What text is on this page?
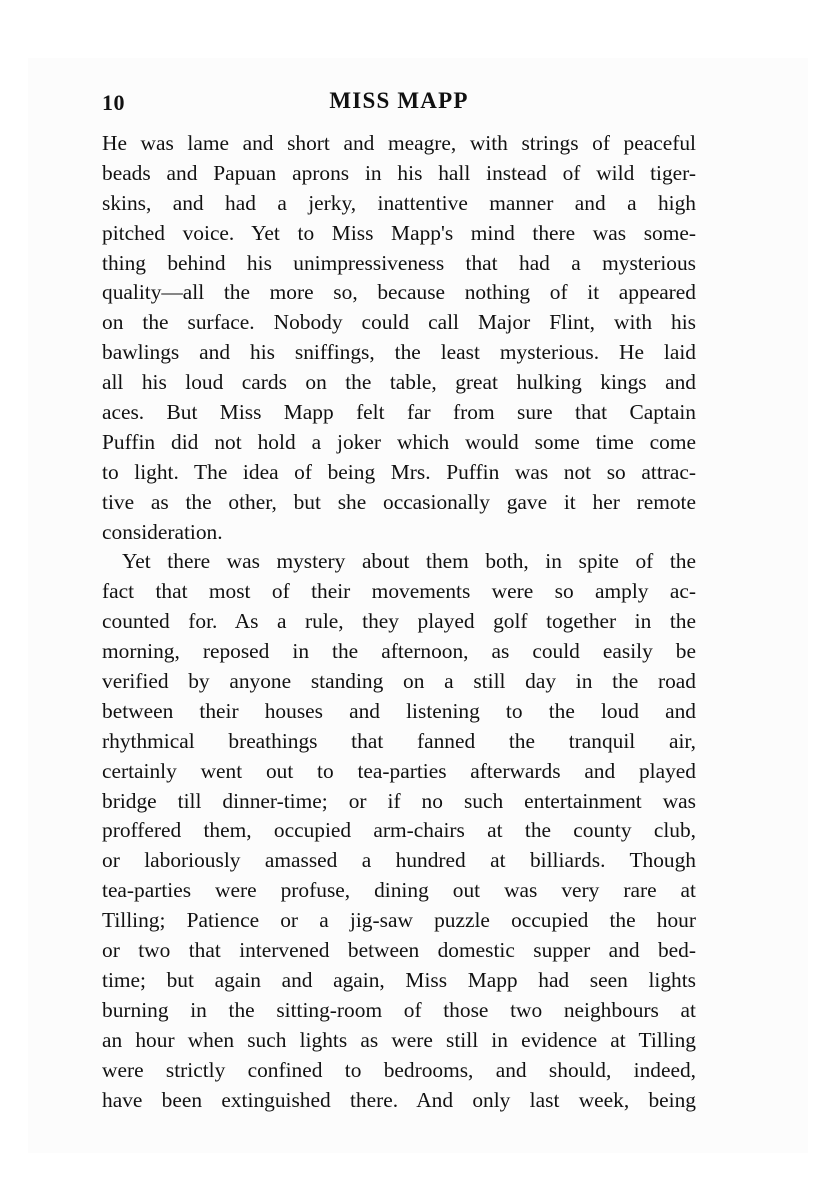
10	MISS MAPP
He was lame and short and meagre, with strings of peaceful
beads and Papuan aprons in his hall instead of wild tiger-
skins, and had a jerky, inattentive manner and a high
pitched voice. Yet to Miss Mapp's mind there was some-
thing behind his unimpressiveness that had a mysterious
quality—all the more so, because nothing of it appeared
on the surface. Nobody could call Major Flint, with his
bawlings and his sniffings, the least mysterious. He laid
all his loud cards on the table, great hulking kings and
aces. But Miss Mapp felt far from sure that Captain
Puffin did not hold a joker which would some time come
to light. The idea of being Mrs. Puffin was not so attrac-
tive as the other, but she occasionally gave it her remote
consideration.
Yet there was mystery about them both, in spite of the
fact that most of their movements were so amply ac-
counted for. As a rule, they played golf together in the
morning, reposed in the afternoon, as could easily be
verified by anyone standing on a still day in the road
between their houses and listening to the loud and
rhythmical breathings that fanned the tranquil air,
certainly went out to tea-parties afterwards and played
bridge till dinner-time; or if no such entertainment was
proffered them, occupied arm-chairs at the county club,
or laboriously amassed a hundred at billiards. Though
tea-parties were profuse, dining out was very rare at
Tilling; Patience or a jig-saw puzzle occupied the hour
or two that intervened between domestic supper and bed-
time; but again and again, Miss Mapp had seen lights
burning in the sitting-room of those two neighbours at
an hour when such lights as were still in evidence at Tilling
were strictly confined to bedrooms, and should, indeed,
have been extinguished there. And only last week, being
